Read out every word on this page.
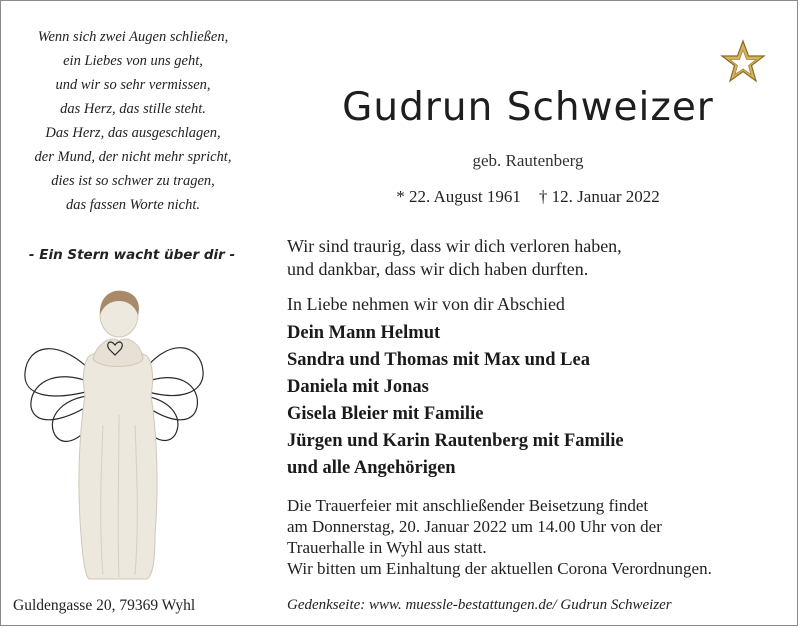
Wenn sich zwei Augen schließen,
ein Liebes von uns geht,
und wir so sehr vermissen,
das Herz, das stille steht.
Das Herz, das ausgeschlagen,
der Mund, der nicht mehr spricht,
dies ist so schwer zu tragen,
das fassen Worte nicht.
- Ein Stern wacht über dir -
Guldengasse 20, 79369 Wyhl
Gudrun Schweizer
geb. Rautenberg
* 22. August 1961 † 12. Januar 2022
Wir sind traurig, dass wir dich verloren haben,
und dankbar, dass wir dich haben durften.
In Liebe nehmen wir von dir Abschied
Dein Mann Helmut
Sandra und Thomas mit Max und Lea
Daniela mit Jonas
Gisela Bleier mit Familie
Jürgen und Karin Rautenberg mit Familie
und alle Angehörigen
Die Trauerfeier mit anschließender Beisetzung findet
am Donnerstag, 20. Januar 2022 um 14.00 Uhr von der
Trauerhalle in Wyhl aus statt.
Wir bitten um Einhaltung der aktuellen Corona Verordnungen.
Gedenkseite: www. muessle-bestattungen.de/ Gudrun Schweizer
